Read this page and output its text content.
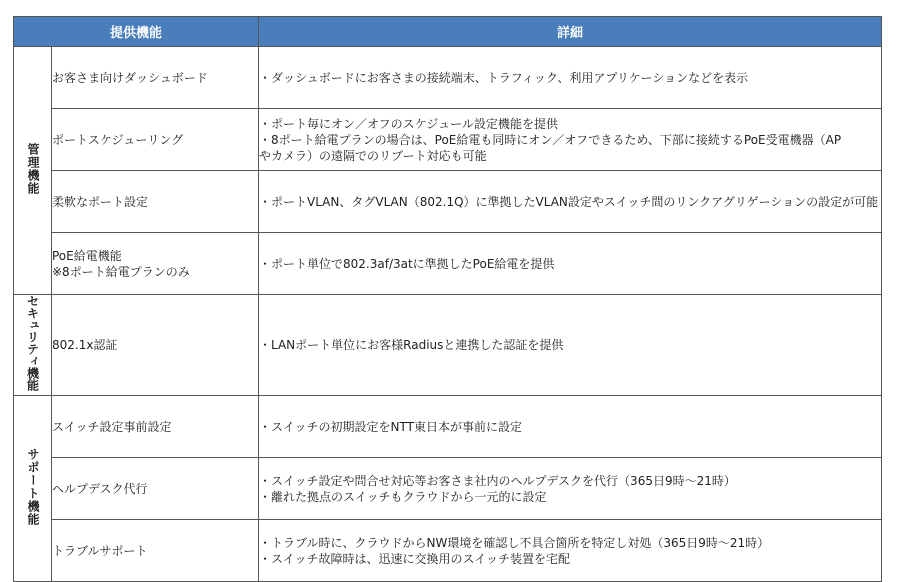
提供機能		詳細
管理機能	お客さま向けダッシュボード	・ダッシュボードにお客さまの接続端末、トラフィック、利用アプリケーションなどを表示

	ポートスケジューリング	・ポート毎にオン／オフのスケジュール設定機能を提供
・8ポート給電プランの場合は、PoE給電も同時にオン／オフできるため、下部に接続するPoE受電機器（AP
やカメラ）の遠隔でのリブート対応も可能

	柔軟なポート設定	・ポートVLAN、タグVLAN（802.1Q）に準拠したVLAN設定やスイッチ間のリンクアグリゲーションの設定が可能

	PoE給電機能
※8ポート給電プランのみ	・ポート単位で802.3af/3atに準拠したPoE給電を提供

セキュリティ機能	802.1x認証	・LANポート単位にお客様Radiusと連携した認証を提供

サポート機能	スイッチ設定事前設定	・スイッチの初期設定をNTT東日本が事前に設定

	ヘルプデスク代行	・スイッチ設定や問合せ対応等お客さま社内のヘルプデスクを代行（365日9時～21時）
・離れた拠点のスイッチもクラウドから一元的に設定

	トラブルサポート	・トラブル時に、クラウドからNW環境を確認し不具合箇所を特定し対処（365日9時～21時）
・スイッチ故障時は、迅速に交換用のスイッチ装置を宅配
